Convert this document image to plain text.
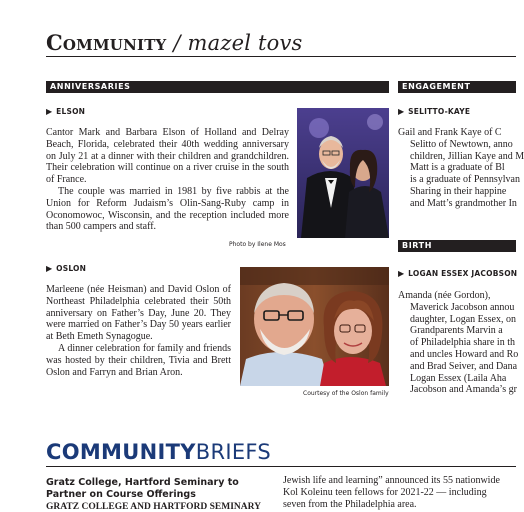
Community / mazel tovs
ANNIVERSARIES
▶ ELSON

Cantor Mark and Barbara Elson of Holland and Delray Beach, Florida, celebrated their 40th wedding anniversary on July 21 at a dinner with their children and grandchildren. Their celebration will continue on a river cruise in the south of France.

The couple was married in 1981 by five rabbis at the Union for Reform Judaism’s Olin-Sang-Ruby camp in Oconomowoc, Wisconsin, and the reception included more than 500 campers and staff.

Photo by Ilene Mos
▶ OSLON

Marleene (née Heisman) and David Oslon of Northeast Philadelphia celebrated their 50th anniversary on Father’s Day, June 20. They were married on Father’s Day 50 years earlier at Beth Emeth Synagogue.

A dinner celebration for family and friends was hosted by their children, Tivia and Brett Oslon and Farryn and Brian Aron.

Courtesy of the Oslon family
ENGAGEMENT
▶ SELITTO-KAYE

Gail and Frank Kaye of C

Selitto of Newtown, anno

children, Jillian Kaye and M

Matt is a graduate of Bl

is a graduate of Pennsylvan

Sharing in their happine

and Matt’s grandmother In

BIRTH
▶ LOGAN ESSEX JACOBSON

Amanda (née Gordon),

Maverick Jacobson annou

daughter, Logan Essex, on

Grandparents Marvin a

of Philadelphia share in th

and uncles Howard and Ro

and Brad Seiver, and Dana

Logan Essex (Laila Aha

Jacobson and Amanda’s gr

COMMUNITYBRIEFS
Gratz College, Hartford Seminary to Partner on Course Offerings
GRATZ COLLEGE AND HARTFORD SEMINARY

Jewish life and learning” announced its 55 nationwide

Kol Koleinu teen fellows for 2021-22 — including

seven from the Philadelphia area.
